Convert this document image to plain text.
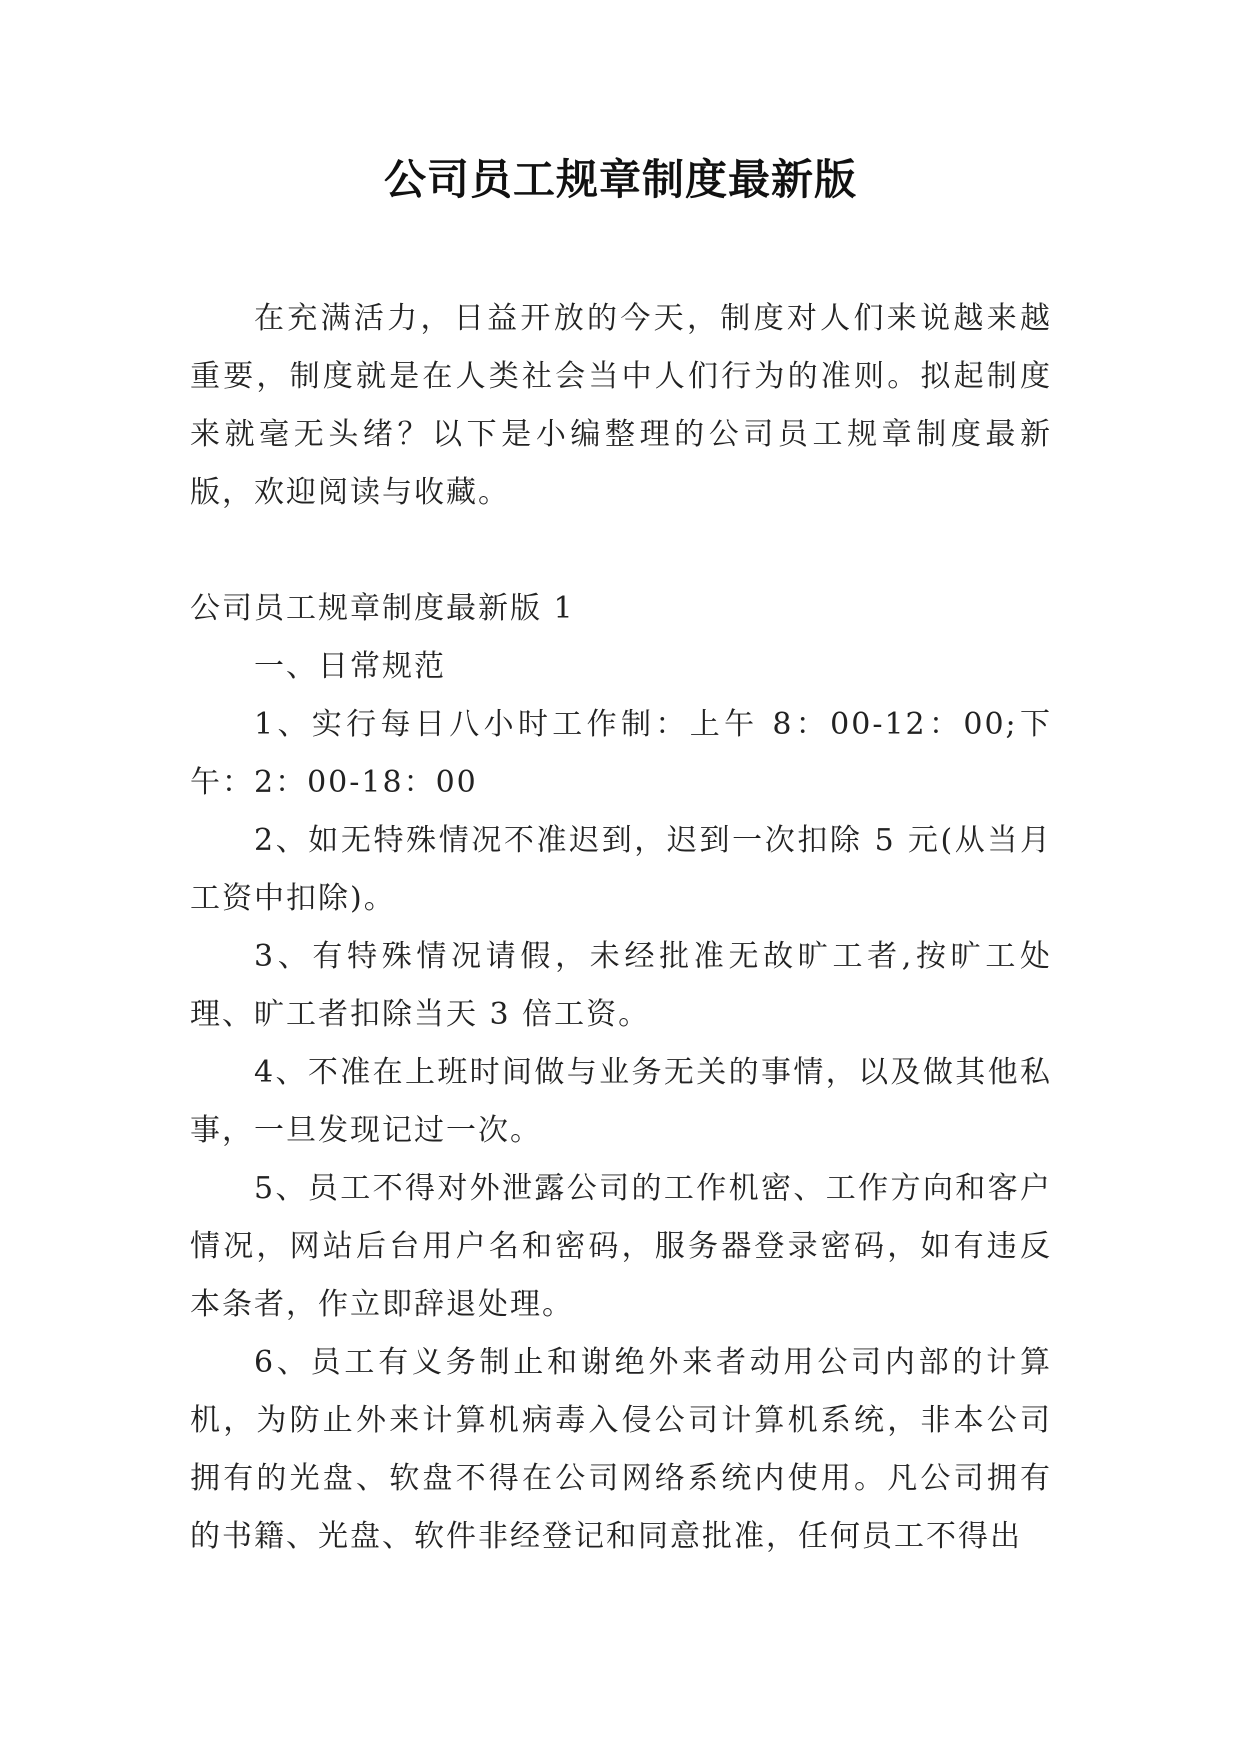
公司员工规章制度最新版

在充满活力，日益开放的今天，制度对人们来说越来越重要，制度就是在人类社会当中人们行为的准则。拟起制度来就毫无头绪？以下是小编整理的公司员工规章制度最新版，欢迎阅读与收藏。

公司员工规章制度最新版 1

一、日常规范

1、实行每日八小时工作制：上午 8：00-12：00;下午：2：00-18：00

2、如无特殊情况不准迟到，迟到一次扣除 5 元(从当月工资中扣除)。

3、有特殊情况请假，未经批准无故旷工者,按旷工处理、旷工者扣除当天 3 倍工资。

4、不准在上班时间做与业务无关的事情，以及做其他私事，一旦发现记过一次。

5、员工不得对外泄露公司的工作机密、工作方向和客户情况，网站后台用户名和密码，服务器登录密码，如有违反本条者，作立即辞退处理。

6、员工有义务制止和谢绝外来者动用公司内部的计算机，为防止外来计算机病毒入侵公司计算机系统，非本公司拥有的光盘、软盘不得在公司网络系统内使用。凡公司拥有的书籍、光盘、软件非经登记和同意批准，任何员工不得出
